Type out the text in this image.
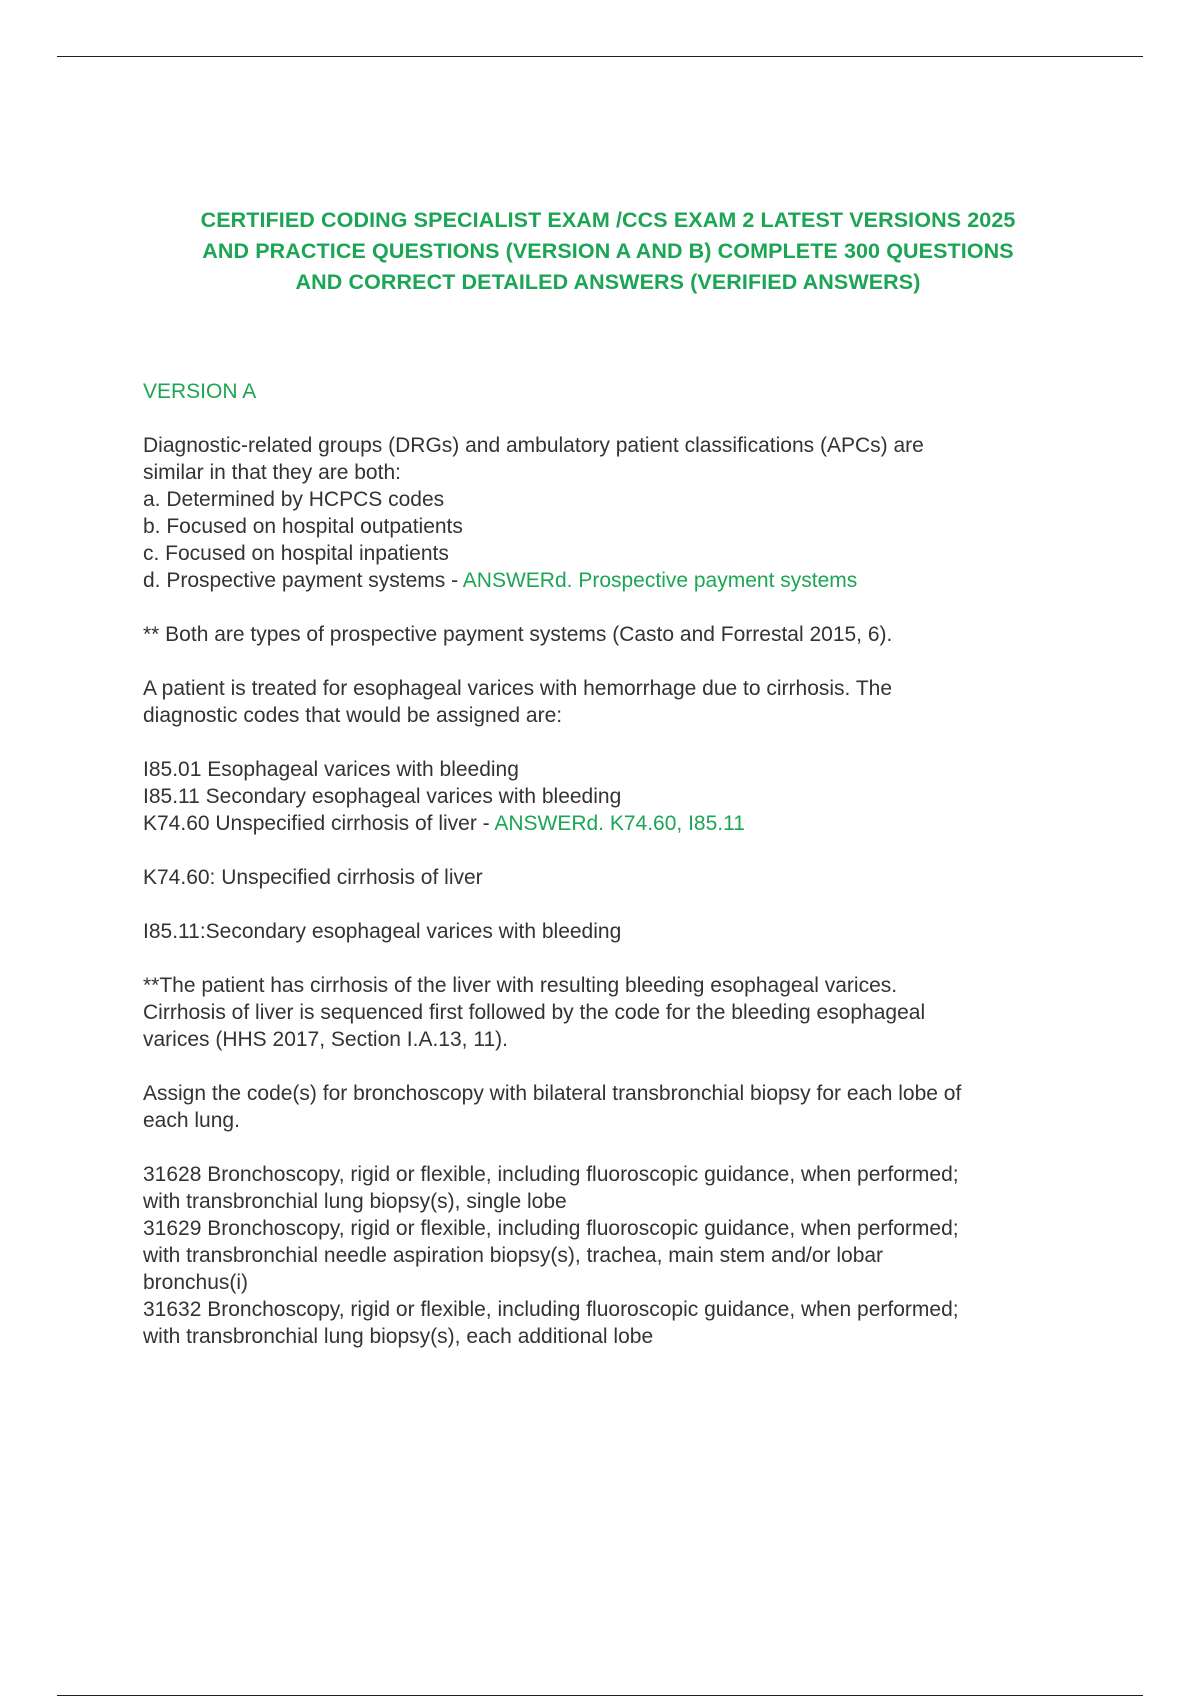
CERTIFIED CODING SPECIALIST EXAM /CCS EXAM 2 LATEST VERSIONS 2025
AND PRACTICE QUESTIONS (VERSION A AND B) COMPLETE 300 QUESTIONS
AND CORRECT DETAILED ANSWERS (VERIFIED ANSWERS)
VERSION A
Diagnostic-related groups (DRGs) and ambulatory patient classifications (APCs) are
similar in that they are both:
a. Determined by HCPCS codes
b. Focused on hospital outpatients
c. Focused on hospital inpatients
d. Prospective payment systems - ANSWERd. Prospective payment systems
** Both are types of prospective payment systems (Casto and Forrestal 2015, 6).
A patient is treated for esophageal varices with hemorrhage due to cirrhosis. The
diagnostic codes that would be assigned are:
I85.01 Esophageal varices with bleeding
I85.11 Secondary esophageal varices with bleeding
K74.60 Unspecified cirrhosis of liver - ANSWERd. K74.60, I85.11
K74.60: Unspecified cirrhosis of liver
I85.11:Secondary esophageal varices with bleeding
**The patient has cirrhosis of the liver with resulting bleeding esophageal varices.
Cirrhosis of liver is sequenced first followed by the code for the bleeding esophageal
varices (HHS 2017, Section I.A.13, 11).
Assign the code(s) for bronchoscopy with bilateral transbronchial biopsy for each lobe of
each lung.
31628 Bronchoscopy, rigid or flexible, including fluoroscopic guidance, when performed;
with transbronchial lung biopsy(s), single lobe
31629 Bronchoscopy, rigid or flexible, including fluoroscopic guidance, when performed;
with transbronchial needle aspiration biopsy(s), trachea, main stem and/or lobar
bronchus(i)
31632 Bronchoscopy, rigid or flexible, including fluoroscopic guidance, when performed;
with transbronchial lung biopsy(s), each additional lobe
